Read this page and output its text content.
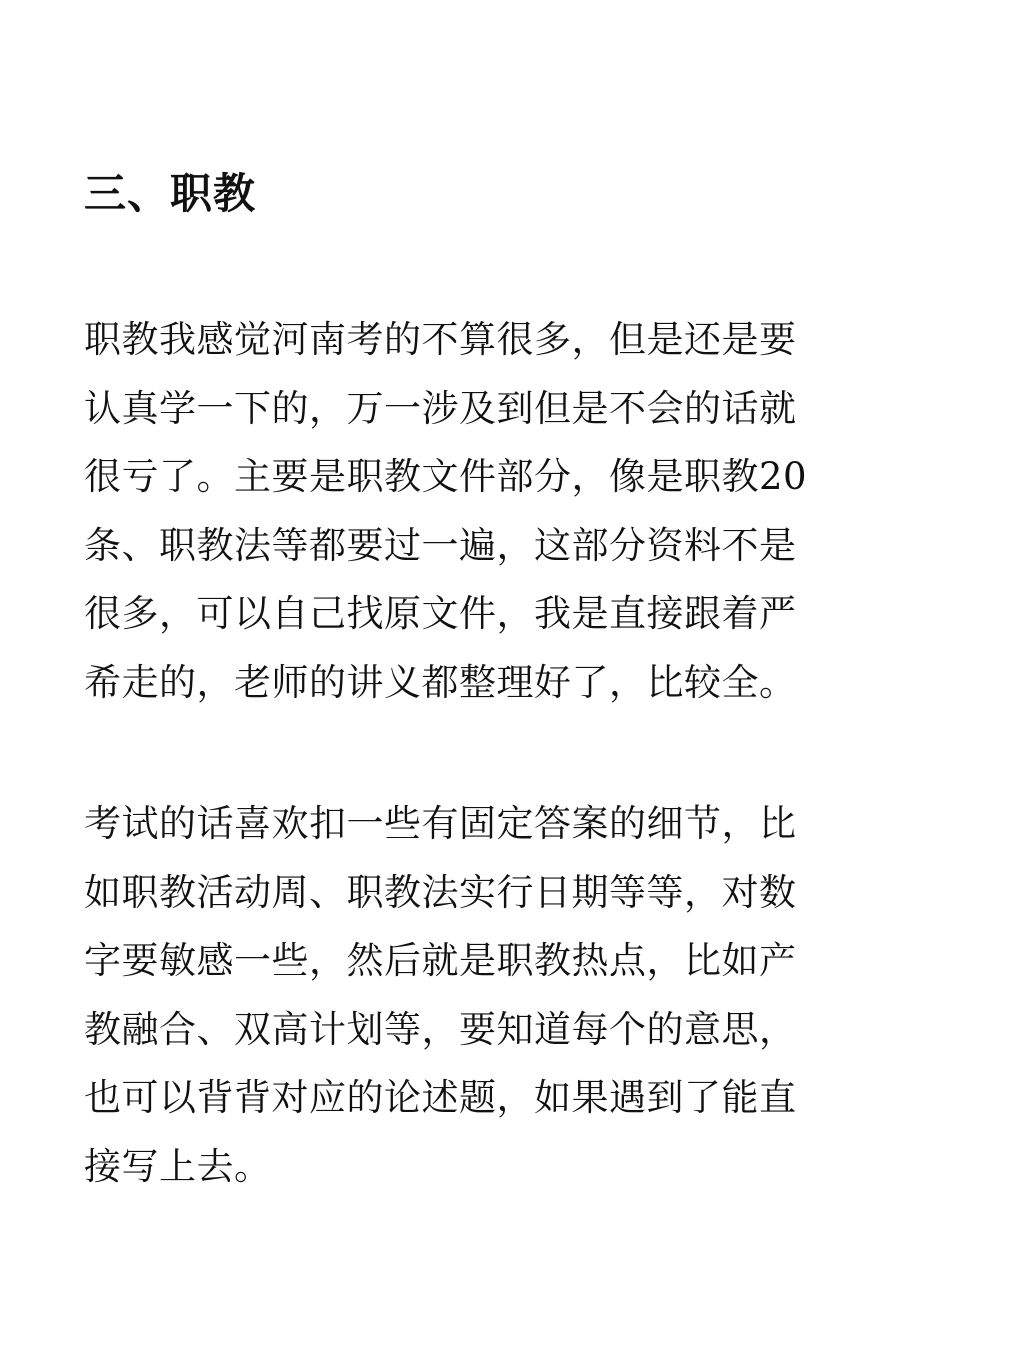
三、职教
职教我感觉河南考的不算很多，但是还是要
认真学一下的，万一涉及到但是不会的话就
很亏了。主要是职教文件部分，像是职教20
条、职教法等都要过一遍，这部分资料不是
很多，可以自己找原文件，我是直接跟着严
希走的，老师的讲义都整理好了，比较全。
考试的话喜欢扣一些有固定答案的细节，比
如职教活动周、职教法实行日期等等，对数
字要敏感一些，然后就是职教热点，比如产
教融合、双高计划等，要知道每个的意思，
也可以背背对应的论述题，如果遇到了能直
接写上去。
